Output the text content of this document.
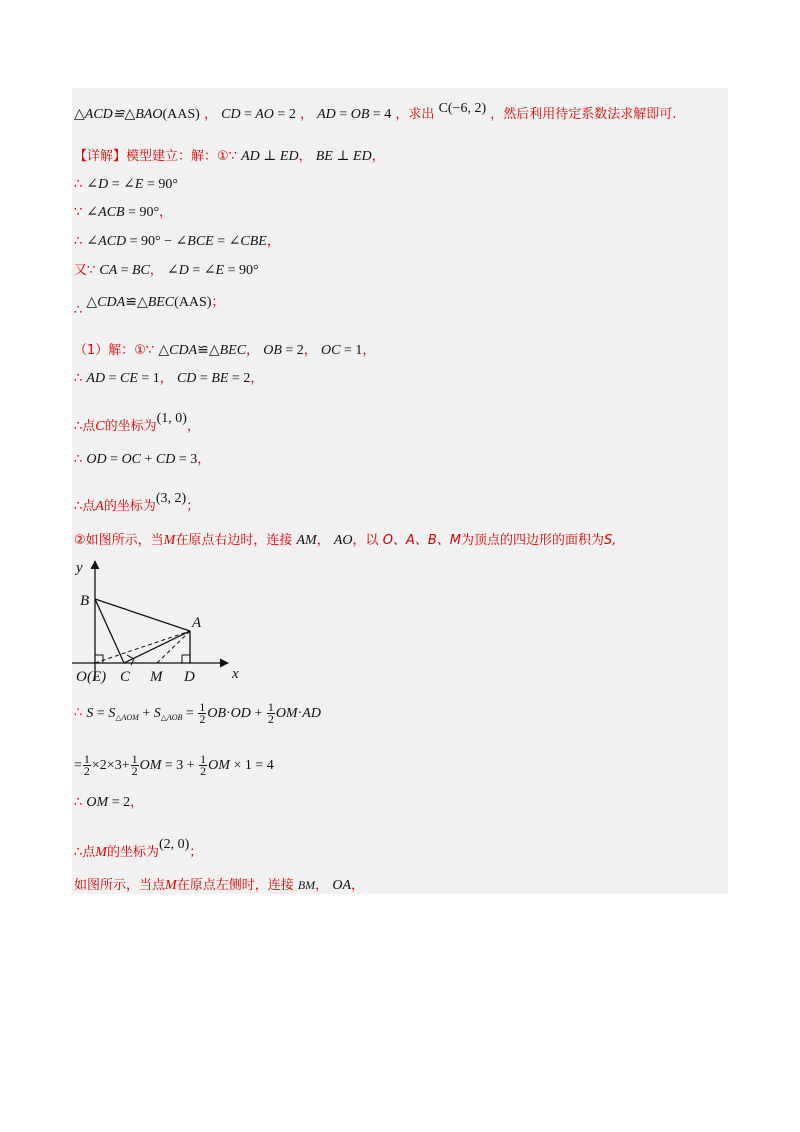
△ACD≌△BAO(AAS) ， CD = AO = 2 ， AD = OB = 4 ，求出 C(−6, 2) ，然后利用待定系数法求解即可.
【详解】模型建立：解：①∵ AD ⊥ ED， BE ⊥ ED，
∴ ∠D = ∠E = 90°
∵ ∠ACB = 90°，
∴ ∠ACD = 90° − ∠BCE = ∠CBE，
又∵ CA = BC， ∠D = ∠E = 90°
∴ △CDA≌△BEC(AAS)；
（1）解：①∵ △CDA≌△BEC， OB = 2， OC = 1，
∴ AD = CE = 1， CD = BE = 2，
∴点C的坐标为(1, 0)，
∴ OD = OC + CD = 3，
∴点A的坐标为(3, 2)；
②如图所示，当M在原点右边时，连接 AM， AO，以 O、A、B、M为顶点的四边形的面积为S,
y
B
A
x
O (E) C M D
∴ $S = S_{\triangle AOM} + S_{\triangle AOB} = \frac{1}{2} OB\cdot OD + \frac{1}{2} OM\cdot AD$
= $\frac{1}{2} \times 2\times 3+ \frac{1}{2}$ OM = $3 + \frac{1}{2}$ OM × 1 = 4
∴ OM = 2，
∴点M的坐标为(2, 0)；
如图所示，当点M在原点左侧时，连接 BM， OA，
